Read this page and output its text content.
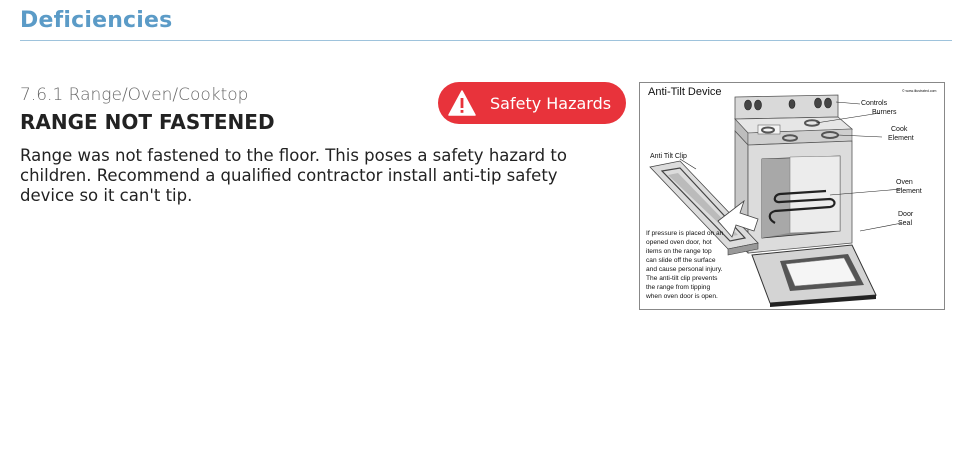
Deficiencies
7.6.1 Range/Oven/Cooktop
RANGE NOT FASTENED
Range was not fastened to the floor. This poses a safety hazard to children. Recommend a qualified contractor install anti-tip safety device so it can't tip.
Safety Hazards
Anti-Tilt Device	© www.illustrated.com
Controls
Burners
Cook
Element
Anti Tilt Clip
Oven
Element
Door
Seal
If pressure is placed on an
opened oven door, hot
items on the range top
can slide off the surface
and cause personal injury.
The anti-tilt clip prevents
the range from tipping
when oven door is open.
